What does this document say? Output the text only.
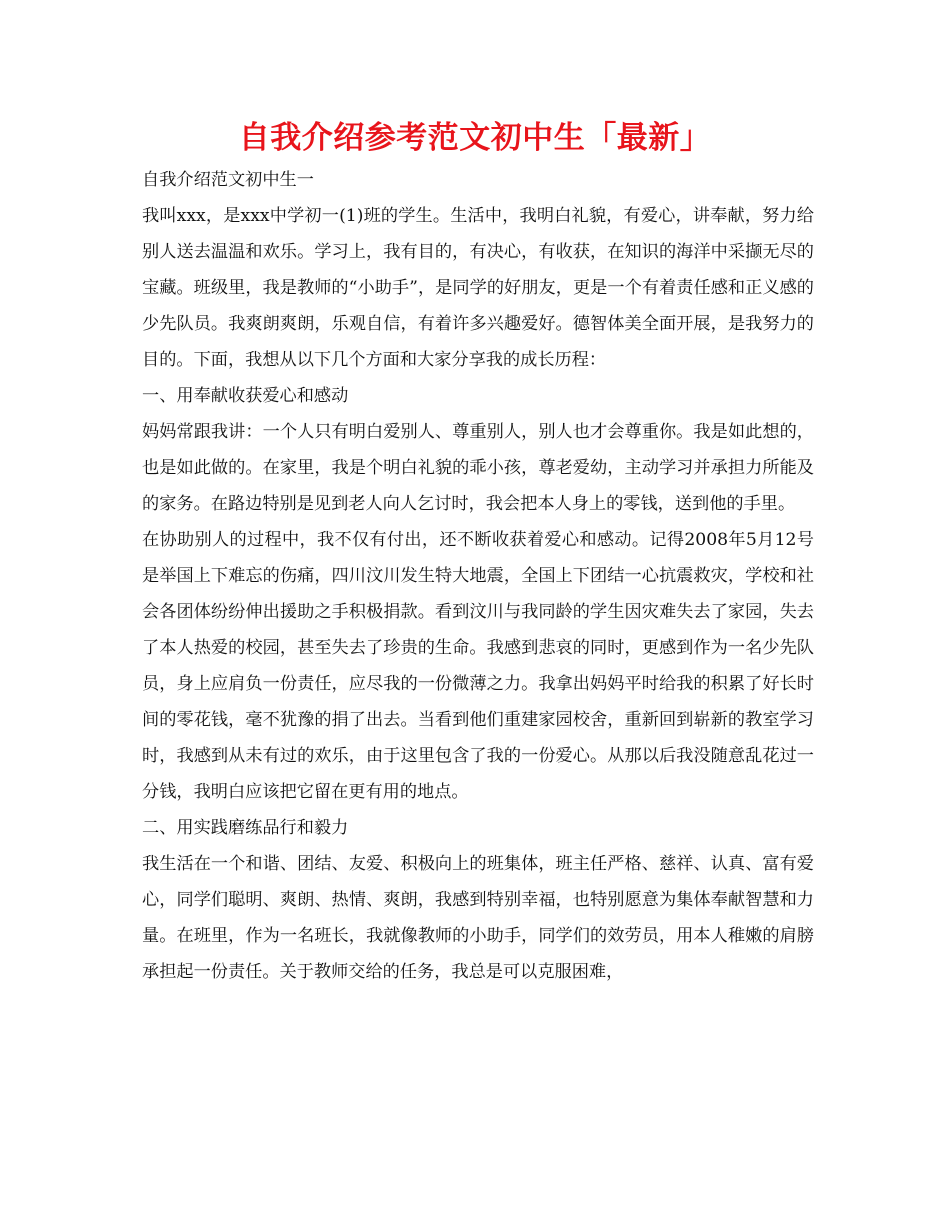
自我介绍参考范文初中生「最新」

自我介绍范文初中生一

我叫xxx，是xxx中学初一(1)班的学生。生活中，我明白礼貌，有爱心，讲奉献，努力给别人送去温温和欢乐。学习上，我有目的，有决心，有收获，在知识的海洋中采撷无尽的宝藏。班级里，我是教师的“小助手”，是同学的好朋友，更是一个有着责任感和正义感的少先队员。我爽朗爽朗，乐观自信，有着许多兴趣爱好。德智体美全面开展，是我努力的目的。下面，我想从以下几个方面和大家分享我的成长历程：

一、用奉献收获爱心和感动

妈妈常跟我讲：一个人只有明白爱别人、尊重别人，别人也才会尊重你。我是如此想的，也是如此做的。在家里，我是个明白礼貌的乖小孩，尊老爱幼，主动学习并承担力所能及的家务。在路边特别是见到老人向人乞讨时，我会把本人身上的零钱，送到他的手里。

在协助别人的过程中，我不仅有付出，还不断收获着爱心和感动。记得2008年5月12号是举国上下难忘的伤痛，四川汶川发生特大地震，全国上下团结一心抗震救灾，学校和社会各团体纷纷伸出援助之手积极捐款。看到汶川与我同龄的学生因灾难失去了家园，失去了本人热爱的校园，甚至失去了珍贵的生命。我感到悲哀的同时，更感到作为一名少先队员，身上应肩负一份责任，应尽我的一份微薄之力。我拿出妈妈平时给我的积累了好长时间的零花钱，毫不犹豫的捐了出去。当看到他们重建家园校舍，重新回到崭新的教室学习时，我感到从未有过的欢乐，由于这里包含了我的一份爱心。从那以后我没随意乱花过一分钱，我明白应该把它留在更有用的地点。

二、用实践磨练品行和毅力

我生活在一个和谐、团结、友爱、积极向上的班集体，班主任严格、慈祥、认真、富有爱心，同学们聪明、爽朗、热情、爽朗，我感到特别幸福，也特别愿意为集体奉献智慧和力量。在班里，作为一名班长，我就像教师的小助手，同学们的效劳员，用本人稚嫩的肩膀承担起一份责任。关于教师交给的任务，我总是可以克服困难，
